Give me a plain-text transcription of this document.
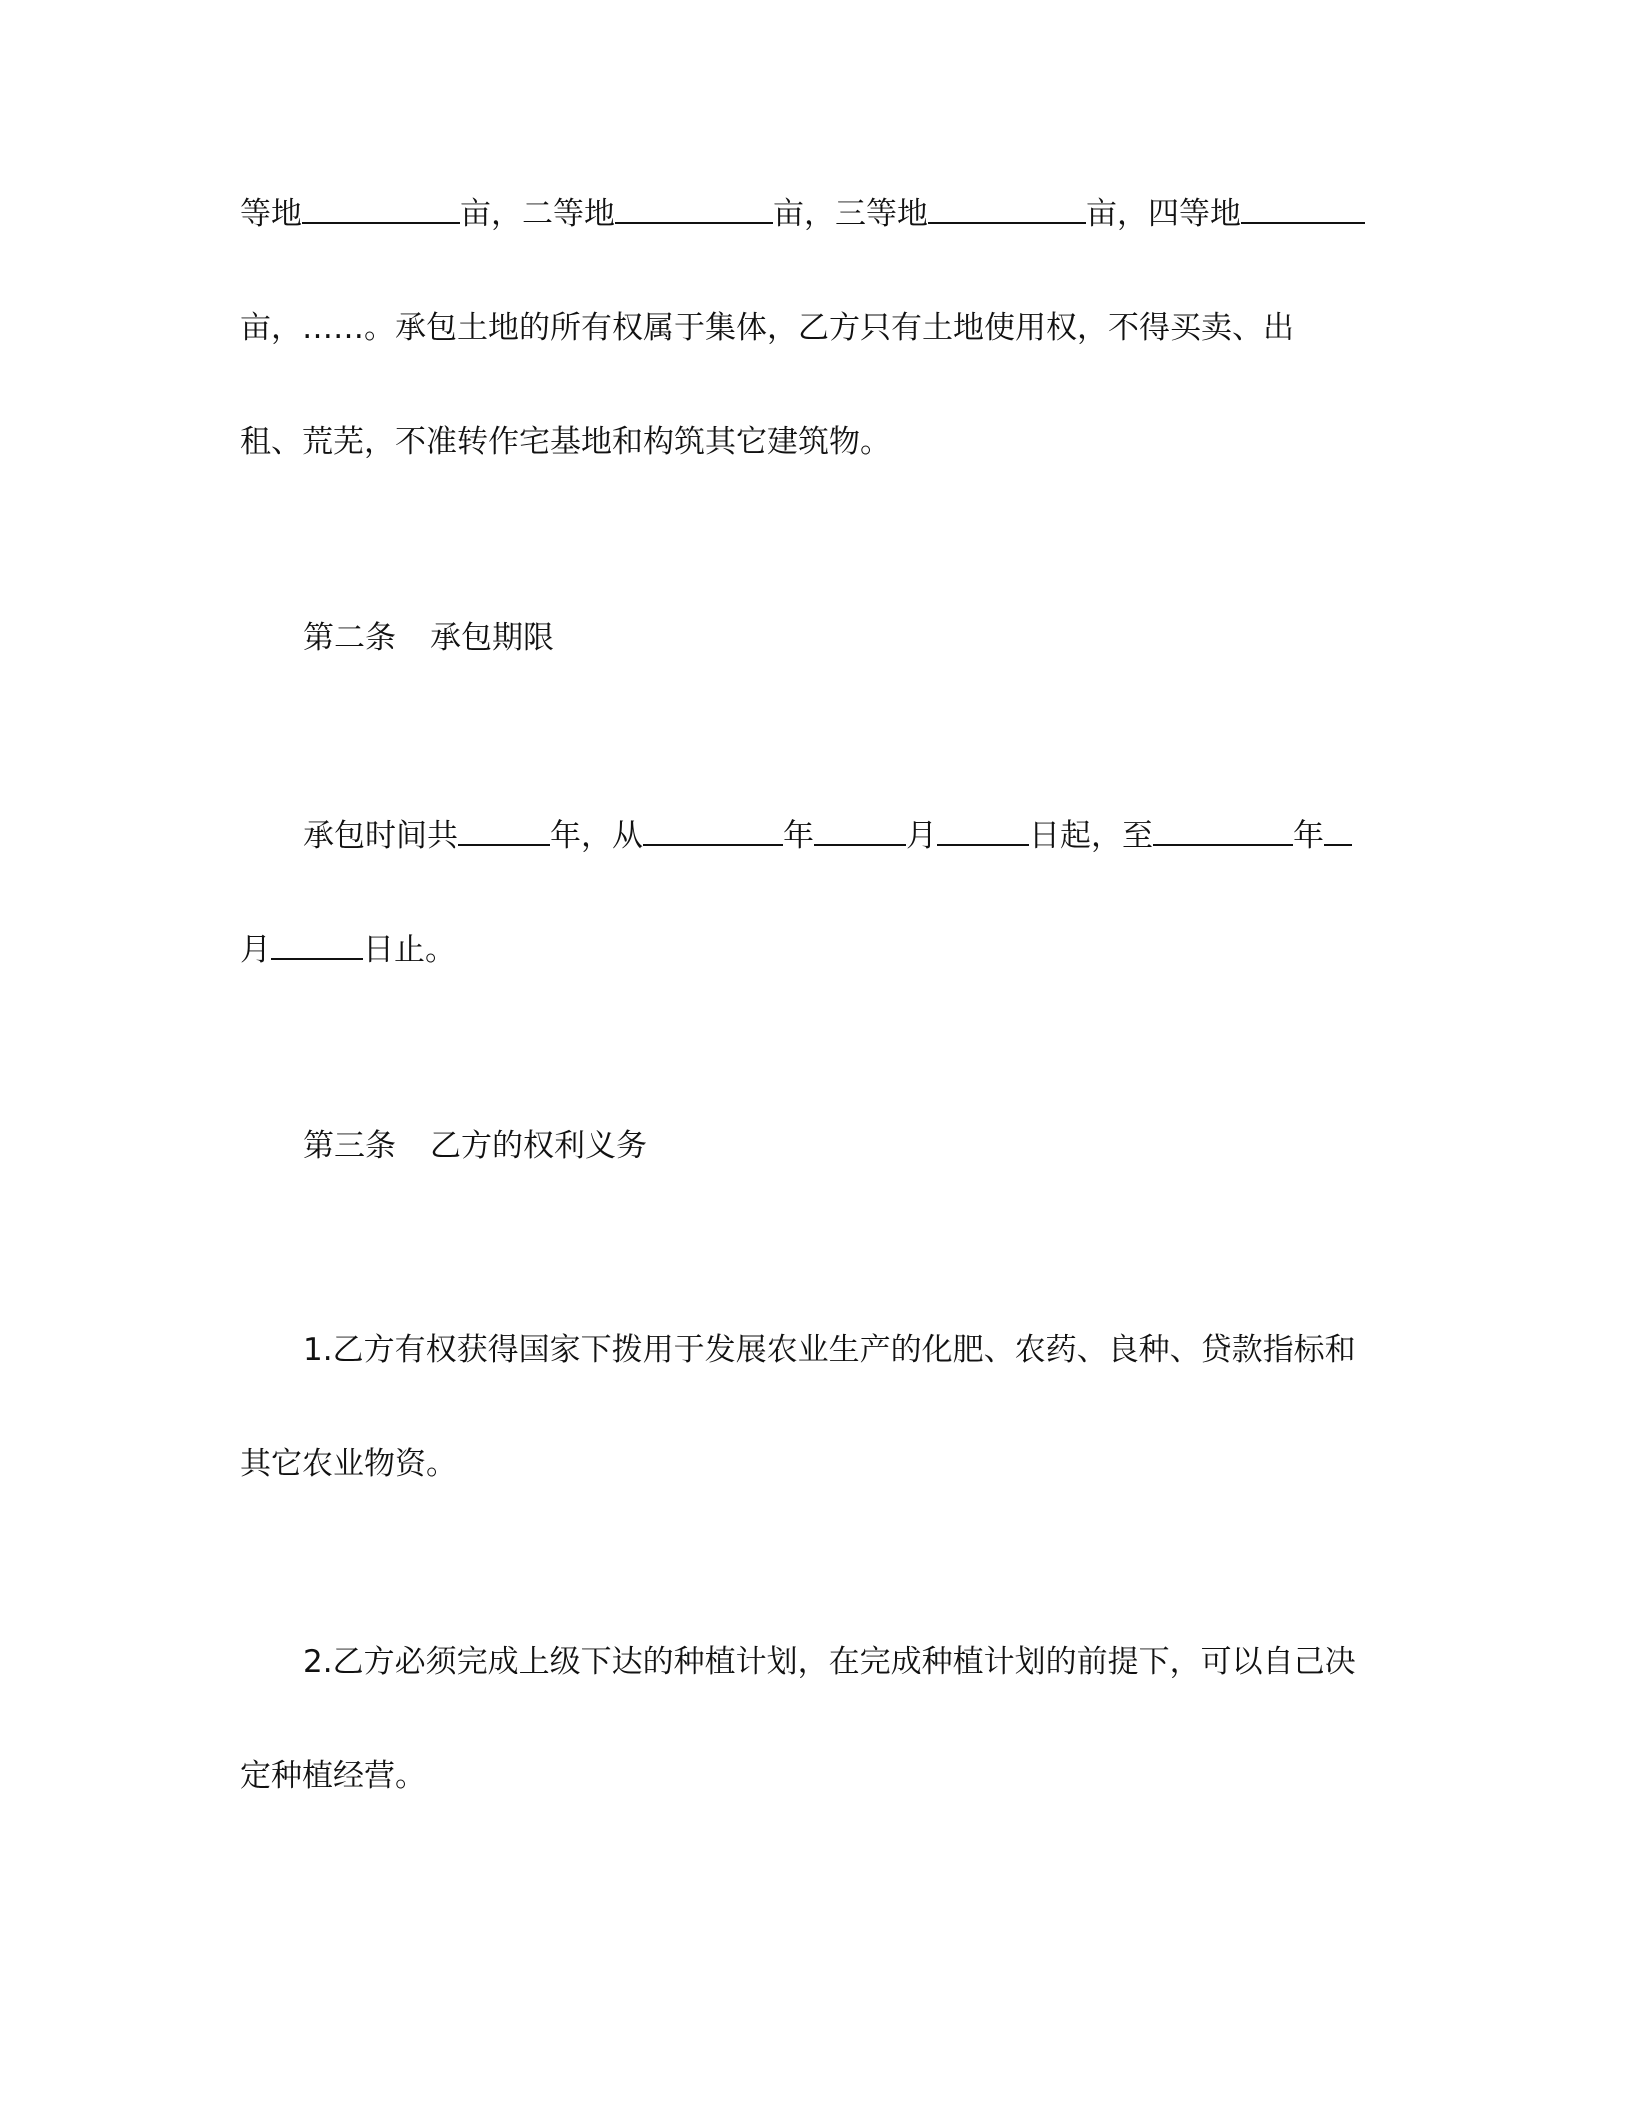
等地	亩，二等地	亩，三等地	亩，四等地
亩，……。承包土地的所有权属于集体，乙方只有土地使用权，不得买卖、出
租、荒芜，不准转作宅基地和构筑其它建筑物。
第二条 承包期限
承包时间共	年，从	年	月	日起，至	年
月	日止。
第三条 乙方的权利义务
1.乙方有权获得国家下拨用于发展农业生产的化肥、农药、良种、贷款指标和
其它农业物资。
2.乙方必须完成上级下达的种植计划，在完成种植计划的前提下，可以自己决
定种植经营。
